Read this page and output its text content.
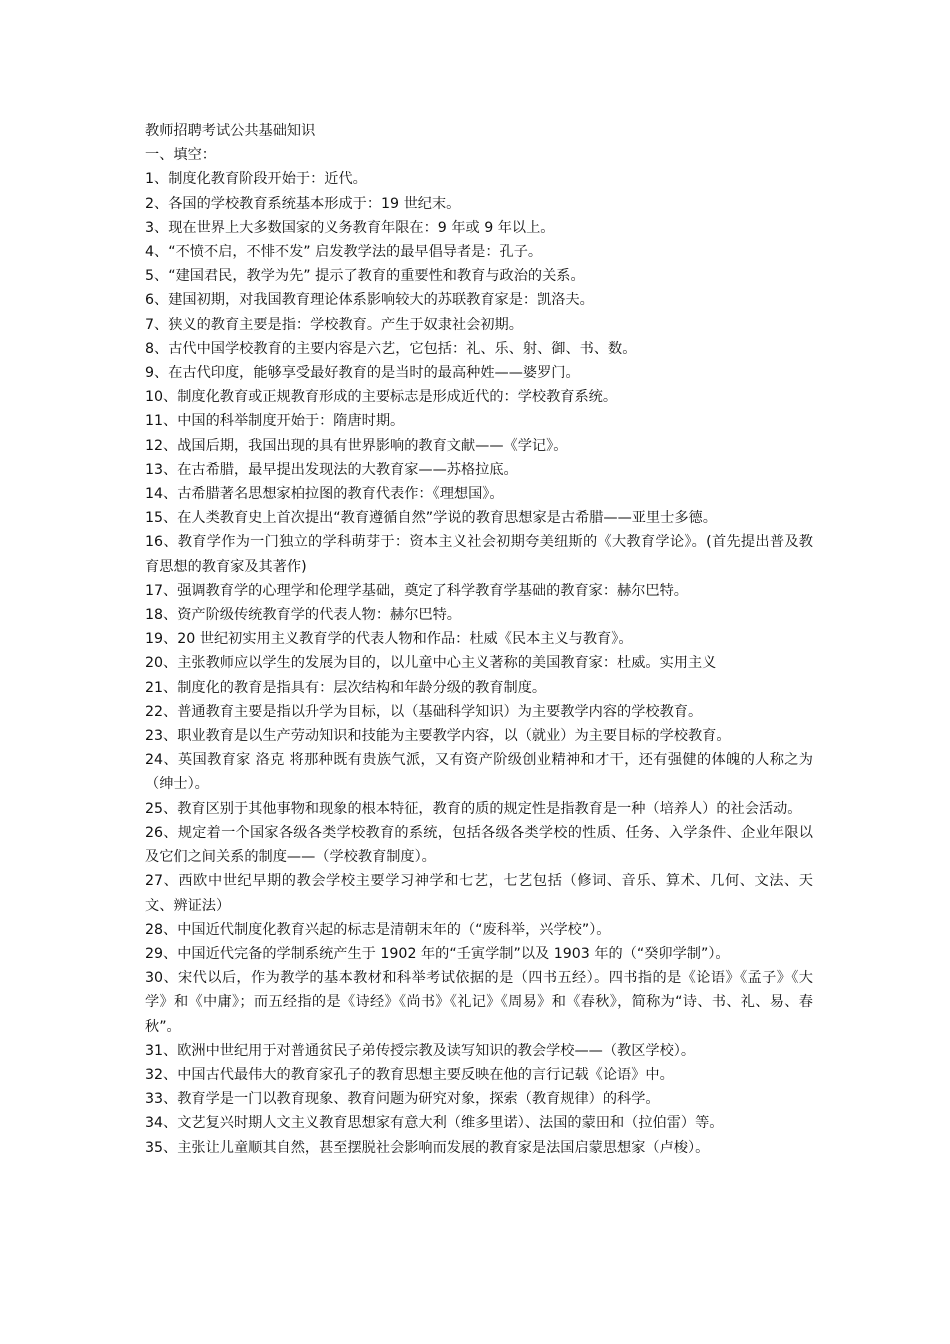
教师招聘考试公共基础知识
一、填空：
1、制度化教育阶段开始于：近代。
2、各国的学校教育系统基本形成于：19 世纪末。
3、现在世界上大多数国家的义务教育年限在：9 年或 9 年以上。
4、“不愤不启，不悱不发” 启发教学法的最早倡导者是：孔子。
5、“建国君民，教学为先” 提示了教育的重要性和教育与政治的关系。
6、建国初期，对我国教育理论体系影响较大的苏联教育家是：凯洛夫。
7、狭义的教育主要是指：学校教育。产生于奴隶社会初期。
8、古代中国学校教育的主要内容是六艺，它包括：礼、乐、射、御、书、数。
9、在古代印度，能够享受最好教育的是当时的最高种姓——婆罗门。
10、制度化教育或正规教育形成的主要标志是形成近代的：学校教育系统。
11、中国的科举制度开始于：隋唐时期。
12、战国后期，我国出现的具有世界影响的教育文献——《学记》。
13、在古希腊，最早提出发现法的大教育家——苏格拉底。
14、古希腊著名思想家柏拉图的教育代表作：《理想国》。
15、在人类教育史上首次提出“教育遵循自然”学说的教育思想家是古希腊——亚里士多德。
16、教育学作为一门独立的学科萌芽于：资本主义社会初期夸美纽斯的《大教育学论》。(首先提出普及教育思想的教育家及其著作)
17、强调教育学的心理学和伦理学基础，奠定了科学教育学基础的教育家：赫尔巴特。
18、资产阶级传统教育学的代表人物：赫尔巴特。
19、20 世纪初实用主义教育学的代表人物和作品：杜威《民本主义与教育》。
20、主张教师应以学生的发展为目的，以儿童中心主义著称的美国教育家：杜威。实用主义
21、制度化的教育是指具有：层次结构和年龄分级的教育制度。
22、普通教育主要是指以升学为目标，以（基础科学知识）为主要教学内容的学校教育。
23、职业教育是以生产劳动知识和技能为主要教学内容，以（就业）为主要目标的学校教育。
24、英国教育家 洛克 将那种既有贵族气派，又有资产阶级创业精神和才干，还有强健的体魄的人称之为（绅士）。
25、教育区别于其他事物和现象的根本特征，教育的质的规定性是指教育是一种（培养人）的社会活动。
26、规定着一个国家各级各类学校教育的系统，包括各级各类学校的性质、任务、入学条件、企业年限以及它们之间关系的制度——（学校教育制度）。
27、西欧中世纪早期的教会学校主要学习神学和七艺，七艺包括（修词、音乐、算术、几何、文法、天文、辨证法）
28、中国近代制度化教育兴起的标志是清朝末年的（“废科举，兴学校”）。
29、中国近代完备的学制系统产生于 1902 年的“壬寅学制”以及 1903 年的（“癸卯学制”）。
30、宋代以后，作为教学的基本教材和科举考试依据的是（四书五经）。四书指的是《论语》《孟子》《大学》和《中庸》；而五经指的是《诗经》《尚书》《礼记》《周易》和《春秋》，简称为“诗、书、礼、易、春秋”。
31、欧洲中世纪用于对普通贫民子弟传授宗教及读写知识的教会学校——（教区学校）。
32、中国古代最伟大的教育家孔子的教育思想主要反映在他的言行记载《论语》中。
33、教育学是一门以教育现象、教育问题为研究对象，探索（教育规律）的科学。
34、文艺复兴时期人文主义教育思想家有意大利（维多里诺）、法国的蒙田和（拉伯雷）等。
35、主张让儿童顺其自然，甚至摆脱社会影响而发展的教育家是法国启蒙思想家（卢梭）。
